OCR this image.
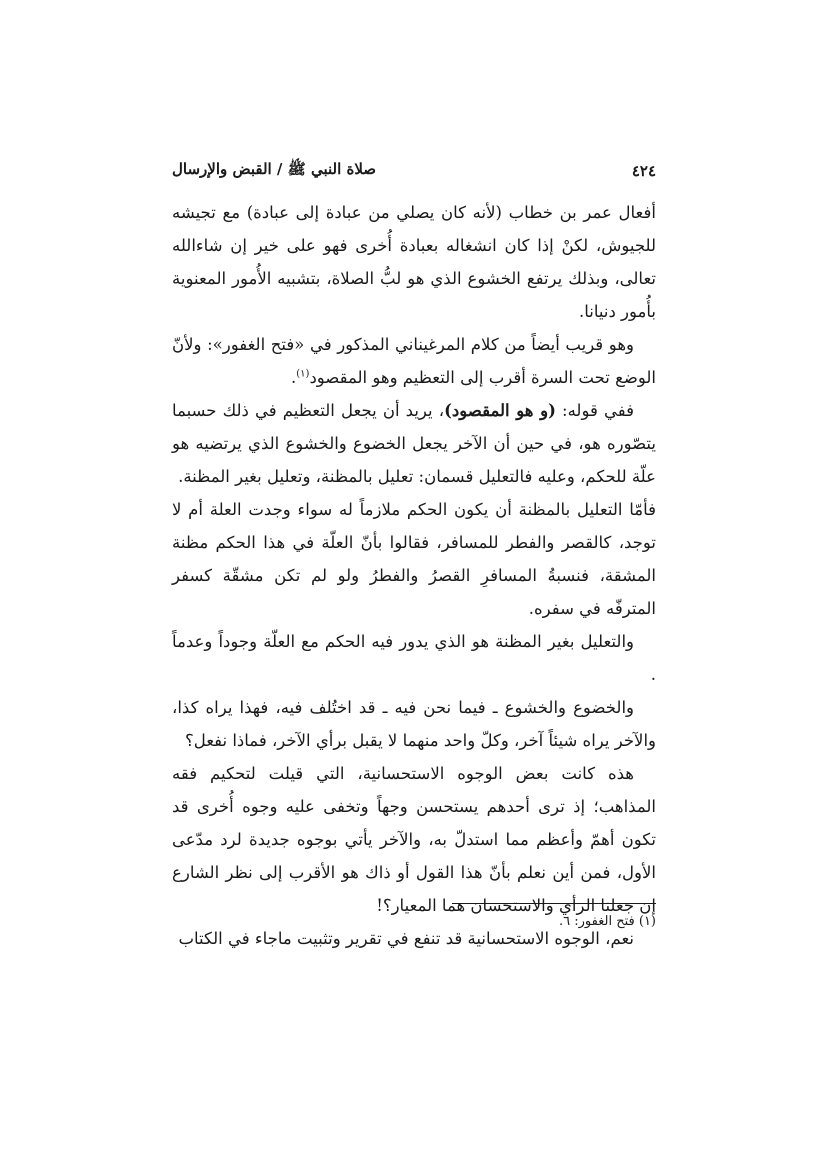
٤٢٤
صلاة النبي ﷺ / القبض والإرسال

أفعال عمر بن خطاب (لأنه كان يصلي من عبادة إلى عبادة) مع تجيشه للجيوش، لكنْ إذا كان انشغاله بعبادة أُخرى فهو على خير إن شاءالله تعالى، وبذلك يرتفع الخشوع الذي هو لبُّ الصلاة، بتشبيه الأُمور المعنوية بأُمور دنيانا.

وهو قريب أيضاً من كلام المرغيناني المذكور في «فتح الغفور»: ولأنّ الوضع تحت السرة أقرب إلى التعظيم وهو المقصود$^{(١)}$.

ففي قوله: (و هو المقصود)، يريد أن يجعل التعظيم في ذلك حسبما يتصّوره هو، في حين أن الآخر يجعل الخضوع والخشوع الذي يرتضيه هو علّة للحكم، وعليه فالتعليل قسمان: تعليل بالمظنة، وتعليل بغير المظنة.

فأمّا التعليل بالمظنة أن يكون الحكم ملازماً له سواء وجدت العلة أم لا توجد، كالقصر والفطر للمسافر، فقالوا بأنّ العلّة في هذا الحكم مظنة المشقة، فنسبةُ المسافرِ القصرُ والفطرُ ولو لم تكن مشقّة كسفر المترفّه في سفره.

والتعليل بغير المظنة هو الذي يدور فيه الحكم مع العلّة وجوداً وعدماً .

والخضوع والخشوع ـ فيما نحن فيه ـ قد اختُلف فيه، فهذا يراه كذا، والآخر يراه شيئاً آخر، وكلّ واحد منهما لا يقبل برأي الآخر، فماذا نفعل؟

هذه كانت بعض الوجوه الاستحسانية، التي قيلت لتحكيم فقه المذاهب؛ إذ ترى أحدهم يستحسن وجهاً وتخفى عليه وجوه أُخرى قد تكون أهمّ وأعظم مما استدلّ به، والآخر يأتي بوجوه جديدة لرد مدّعى الأول، فمن أين نعلم بأنّ هذا القول أو ذاك هو الأقرب إلى نظر الشارع إن جعلنا الرأي والاستحسان هما المعيار؟!

نعم، الوجوه الاستحسانية قد تنفع في تقرير وتثبيت ماجاء في الكتاب

(١) فتح الغفور: ٦.
